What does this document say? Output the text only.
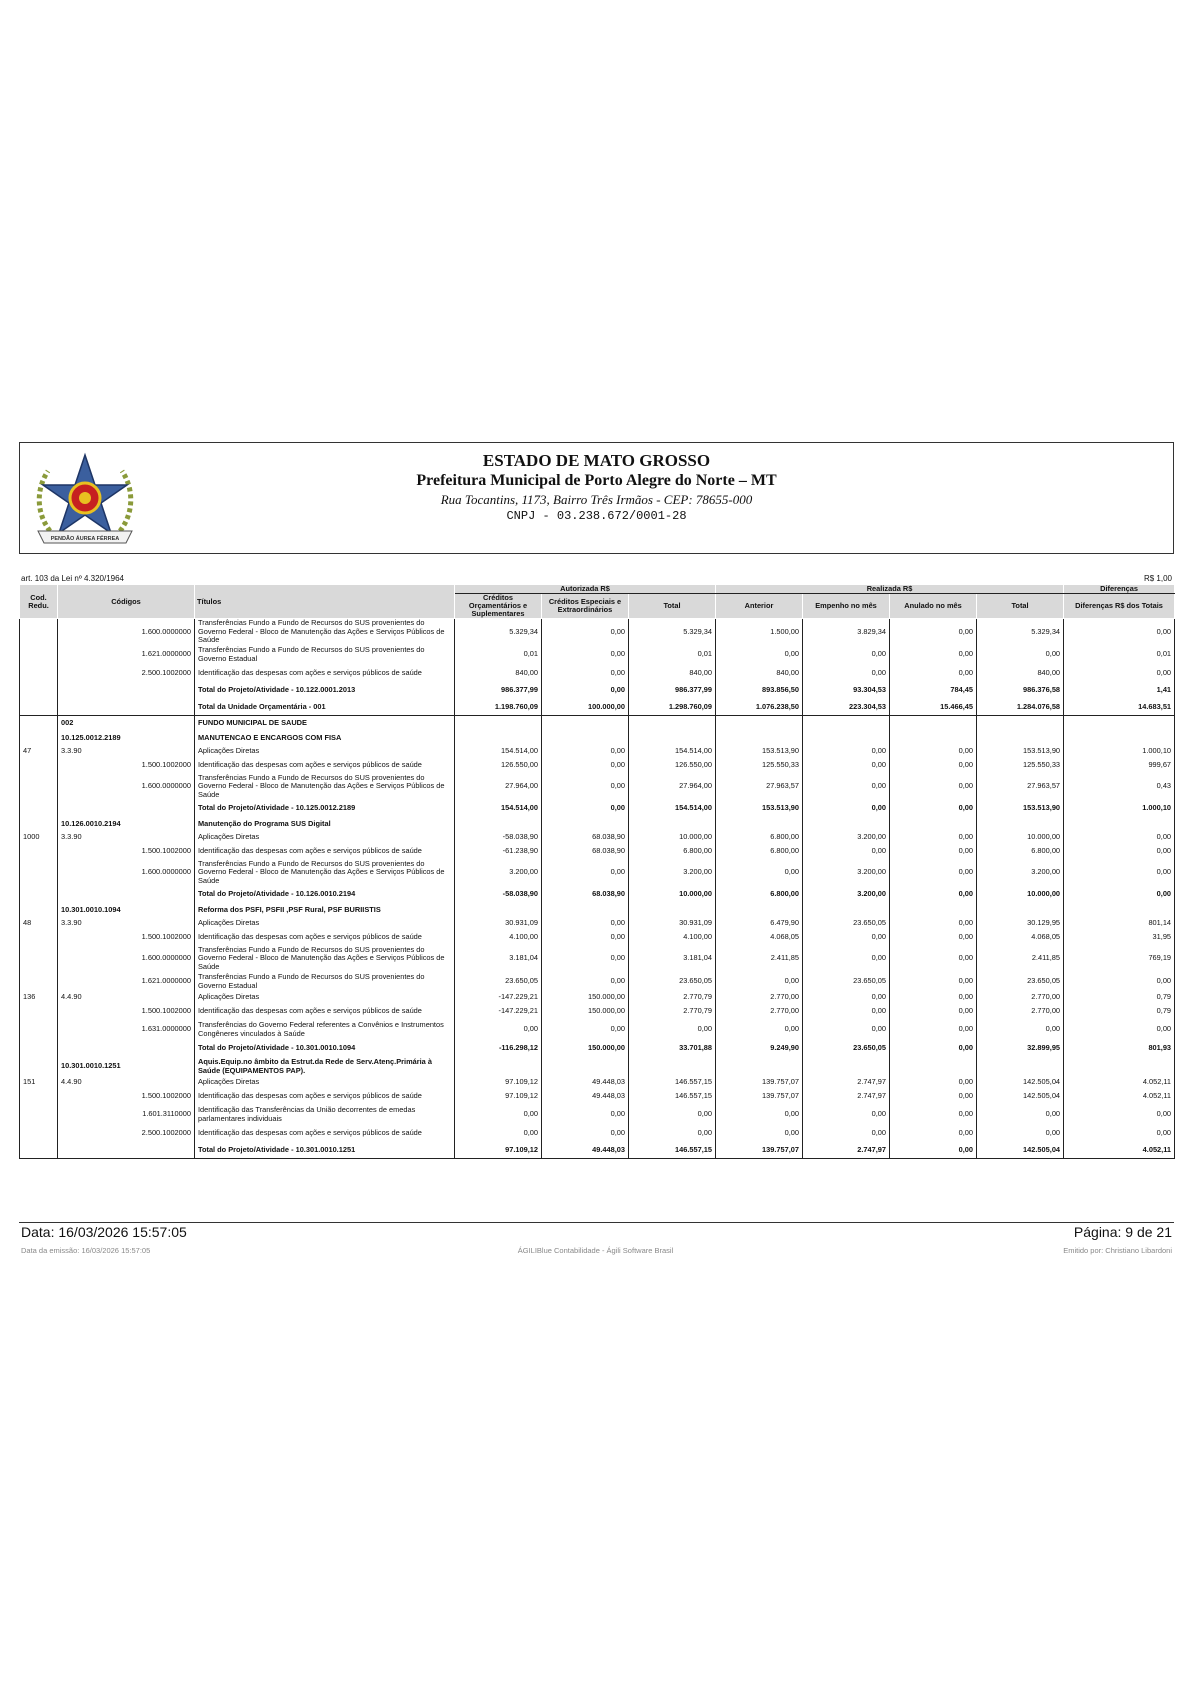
PENDÃO ÁUREA FÉRREA
ESTADO DE MATO GROSSO
Prefeitura Municipal de Porto Alegre do Norte – MT
Rua Tocantins, 1173, Bairro Três Irmãos - CEP: 78655-000
CNPJ - 03.238.672/0001-28
art. 103 da Lei nº 4.320/1964	R$ 1,00
Cod. Redu.	Códigos	Títulos	Autorizada R$			Realizada R$				Diferenças
			Créditos Orçamentários e Suplementares	Créditos Especiais e Extraordinários	Total	Anterior	Empenho no mês	Anulado no mês	Total	Diferenças R$ dos Totais
	1.600.0000000	Transferências Fundo a Fundo de Recursos do SUS provenientes do Governo Federal - Bloco de Manutenção das Ações e Serviços Públicos de Saúde	5.329,34	0,00	5.329,34	1.500,00	3.829,34	0,00	5.329,34	0,00
	1.621.0000000	Transferências Fundo a Fundo de Recursos do SUS provenientes do Governo Estadual	0,01	0,00	0,01	0,00	0,00	0,00	0,00	0,01
	2.500.1002000	Identificação das despesas com ações e serviços públicos de saúde	840,00	0,00	840,00	840,00	0,00	0,00	840,00	0,00
		Total do Projeto/Atividade - 10.122.0001.2013	986.377,99	0,00	986.377,99	893.856,50	93.304,53	784,45	986.376,58	1,41
		Total da Unidade Orçamentária - 001	1.198.760,09	100.000,00	1.298.760,09	1.076.238,50	223.304,53	15.466,45	1.284.076,58	14.683,51
	002	FUNDO MUNICIPAL DE SAUDE								
	10.125.0012.2189	MANUTENCAO E ENCARGOS COM FISA								
47	3.3.90	Aplicações Diretas	154.514,00	0,00	154.514,00	153.513,90	0,00	0,00	153.513,90	1.000,10
	1.500.1002000	Identificação das despesas com ações e serviços públicos de saúde	126.550,00	0,00	126.550,00	125.550,33	0,00	0,00	125.550,33	999,67
	1.600.0000000	Transferências Fundo a Fundo de Recursos do SUS provenientes do Governo Federal - Bloco de Manutenção das Ações e Serviços Públicos de Saúde	27.964,00	0,00	27.964,00	27.963,57	0,00	0,00	27.963,57	0,43
		Total do Projeto/Atividade - 10.125.0012.2189	154.514,00	0,00	154.514,00	153.513,90	0,00	0,00	153.513,90	1.000,10
	10.126.0010.2194	Manutenção do Programa SUS Digital								
1000	3.3.90	Aplicações Diretas	-58.038,90	68.038,90	10.000,00	6.800,00	3.200,00	0,00	10.000,00	0,00
	1.500.1002000	Identificação das despesas com ações e serviços públicos de saúde	-61.238,90	68.038,90	6.800,00	6.800,00	0,00	0,00	6.800,00	0,00
	1.600.0000000	Transferências Fundo a Fundo de Recursos do SUS provenientes do Governo Federal - Bloco de Manutenção das Ações e Serviços Públicos de Saúde	3.200,00	0,00	3.200,00	0,00	3.200,00	0,00	3.200,00	0,00
		Total do Projeto/Atividade - 10.126.0010.2194	-58.038,90	68.038,90	10.000,00	6.800,00	3.200,00	0,00	10.000,00	0,00
	10.301.0010.1094	Reforma dos PSFI, PSFII ,PSF Rural, PSF BURIISTIS								
48	3.3.90	Aplicações Diretas	30.931,09	0,00	30.931,09	6.479,90	23.650,05	0,00	30.129,95	801,14
	1.500.1002000	Identificação das despesas com ações e serviços públicos de saúde	4.100,00	0,00	4.100,00	4.068,05	0,00	0,00	4.068,05	31,95
	1.600.0000000	Transferências Fundo a Fundo de Recursos do SUS provenientes do Governo Federal - Bloco de Manutenção das Ações e Serviços Públicos de Saúde	3.181,04	0,00	3.181,04	2.411,85	0,00	0,00	2.411,85	769,19
	1.621.0000000	Transferências Fundo a Fundo de Recursos do SUS provenientes do Governo Estadual	23.650,05	0,00	23.650,05	0,00	23.650,05	0,00	23.650,05	0,00
136	4.4.90	Aplicações Diretas	-147.229,21	150.000,00	2.770,79	2.770,00	0,00	0,00	2.770,00	0,79
	1.500.1002000	Identificação das despesas com ações e serviços públicos de saúde	-147.229,21	150.000,00	2.770,79	2.770,00	0,00	0,00	2.770,00	0,79
	1.631.0000000	Transferências do Governo Federal referentes a Convênios e Instrumentos Congêneres vinculados à Saúde	0,00	0,00	0,00	0,00	0,00	0,00	0,00	0,00
		Total do Projeto/Atividade - 10.301.0010.1094	-116.298,12	150.000,00	33.701,88	9.249,90	23.650,05	0,00	32.899,95	801,93
	10.301.0010.1251	Aquis.Equip.no âmbito da Estrut.da Rede de Serv.Atenç.Primária à Saúde (EQUIPAMENTOS PAP).								
151	4.4.90	Aplicações Diretas	97.109,12	49.448,03	146.557,15	139.757,07	2.747,97	0,00	142.505,04	4.052,11
	1.500.1002000	Identificação das despesas com ações e serviços públicos de saúde	97.109,12	49.448,03	146.557,15	139.757,07	2.747,97	0,00	142.505,04	4.052,11
	1.601.3110000	Identificação das Transferências da União decorrentes de emedas parlamentares individuais	0,00	0,00	0,00	0,00	0,00	0,00	0,00	0,00
	2.500.1002000	Identificação das despesas com ações e serviços públicos de saúde	0,00	0,00	0,00	0,00	0,00	0,00	0,00	0,00
		Total do Projeto/Atividade - 10.301.0010.1251	97.109,12	49.448,03	146.557,15	139.757,07	2.747,97	0,00	142.505,04	4.052,11
Data: 16/03/2026 15:57:05	Página: 9 de 21
Data da emissão: 16/03/2026 15:57:05	ÁGILIBlue Contabilidade - Ágili Software Brasil	Emitido por: Christiano Libardoni
